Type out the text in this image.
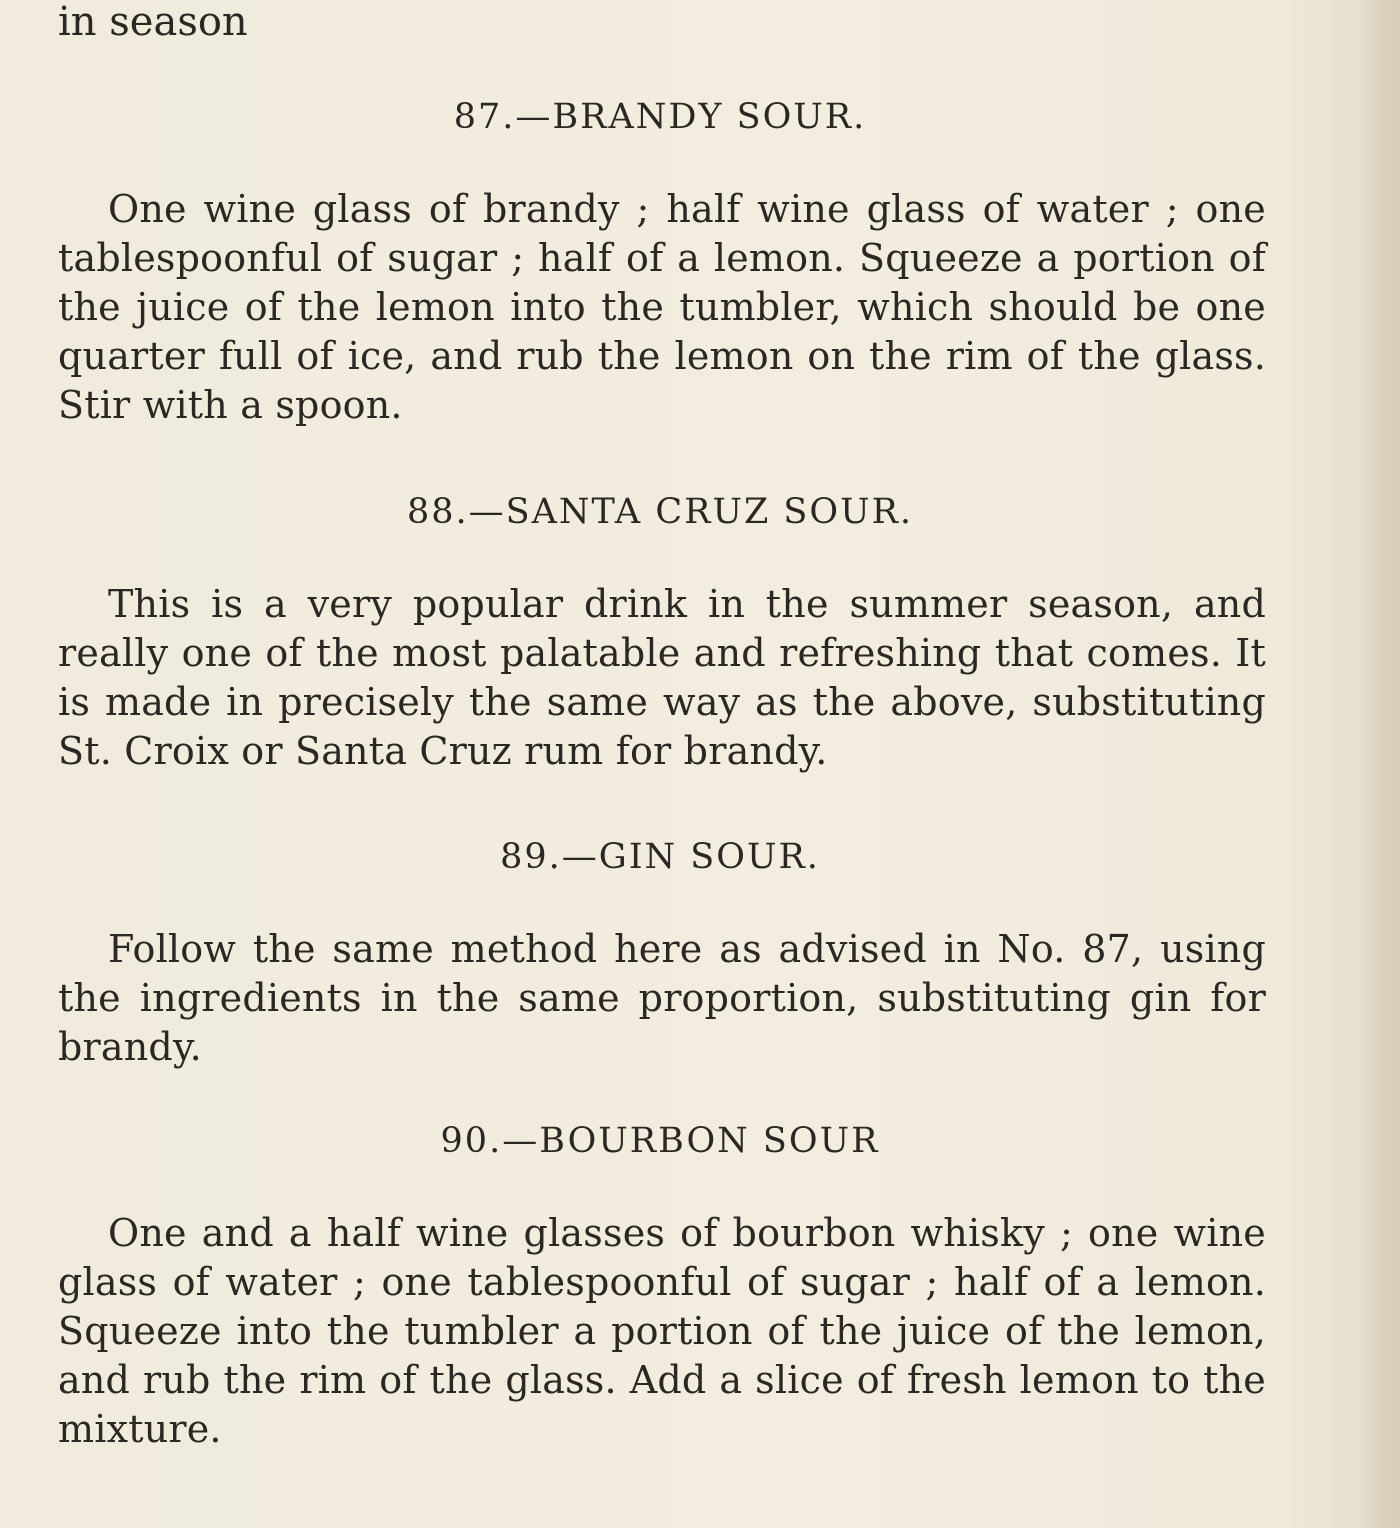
in season
87.—BRANDY SOUR.

One wine glass of brandy ; half wine glass of water ; one tablespoonful of sugar ; half of a lemon. Squeeze a portion of the juice of the lemon into the tumbler, which should be one quarter full of ice, and rub the lemon on the rim of the glass. Stir with a spoon.

88.—SANTA CRUZ SOUR.

This is a very popular drink in the summer season, and really one of the most palatable and refreshing that comes. It is made in precisely the same way as the above, substituting St. Croix or Santa Cruz rum for brandy.

89.—GIN SOUR.

Follow the same method here as advised in No. 87, using the ingredients in the same proportion, substituting gin for brandy.

90.—BOURBON SOUR

One and a half wine glasses of bourbon whisky ; one wine glass of water ; one tablespoonful of sugar ; half of a lemon. Squeeze into the tumbler a portion of the juice of the lemon, and rub the rim of the glass. Add a slice of fresh lemon to the mixture.
